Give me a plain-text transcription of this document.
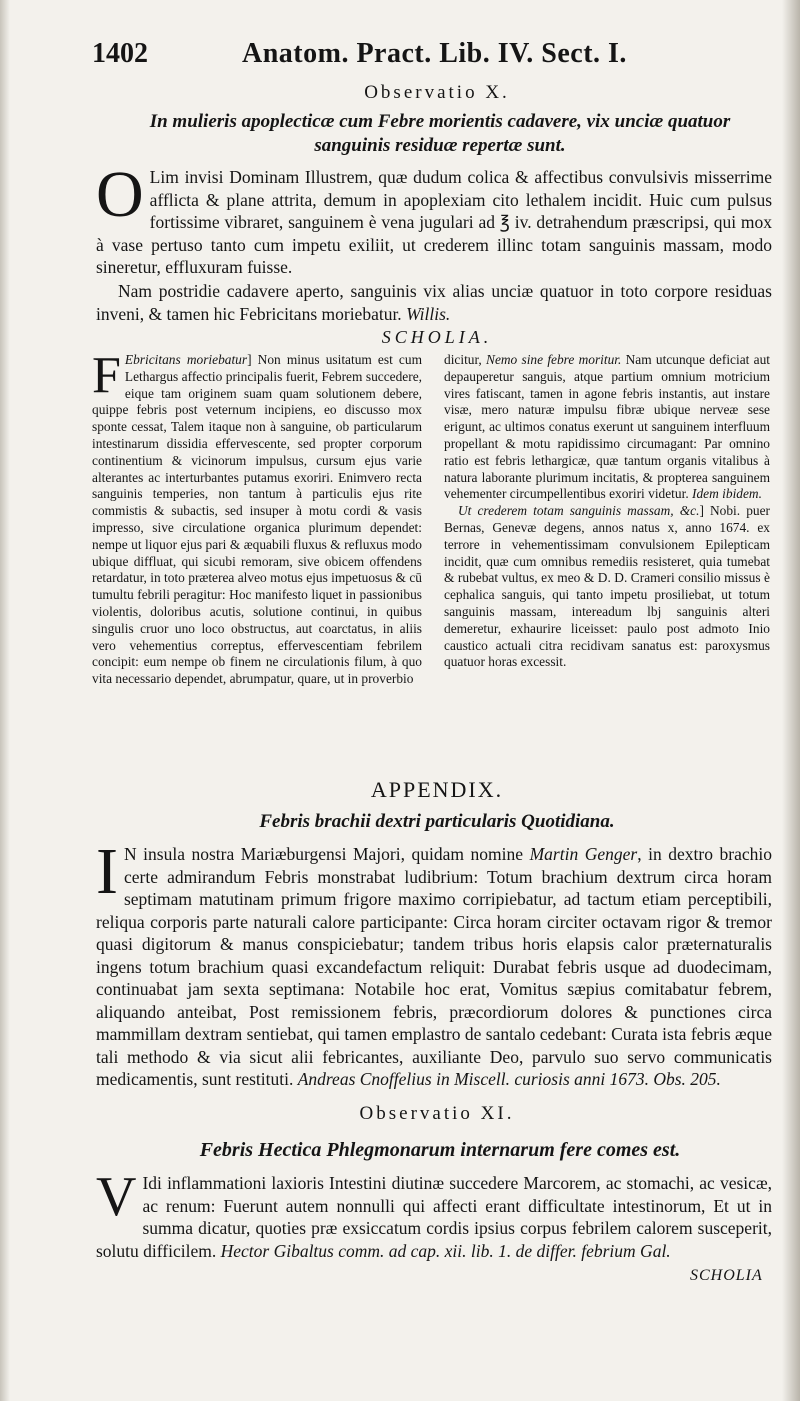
1402	Anatom. Pract. Lib. IV. Sect. I.
Observatio X.
In mulieris apoplecticæ cum Febre morientis cadavere, vix unciæ quatuor sanguinis residuæ repertæ sunt.
O Lim invisi Dominam Illustrem, quæ dudum colica & affectibus convulsivis misserrime afflicta & plane attrita, demum in apoplexiam cito lethalem incidit. Huic cum pulsus fortissime vibraret, sanguinem è vena jugulari ad ℥ iv. detrahendum præscripsi, qui mox à vase pertuso tanto cum impetu exiliit, ut crederem illinc totam sanguinis massam, modo sineretur, effluxuram fuisse.
Nam postridie cadavere aperto, sanguinis vix alias unciæ quatuor in toto corpore residuas inveni, & tamen hic Febricitans moriebatur. Willis.
SCHOLIA.

F Ebricitans moriebatur] Non minus usitatum est cum Lethargus affectio principalis fuerit, Febrem succedere, eique tam originem suam quam solutionem debere, quippe febris post veternum incipiens, eo discusso mox sponte cessat, Talem itaque non à sanguine, ob particularum intestinarum dissidia effervescente, sed propter corporum continentium & vicinorum impulsus, cursum ejus varie alterantes ac interturbantes putamus exoriri. Enimvero recta sanguinis temperies, non tantum à particulis ejus rite commistis & subactis, sed insuper à motu cordi & vasis impresso, sive circulatione organica plurimum dependet: nempe ut liquor ejus pari & æquabili fluxus & refluxus modo ubique diffluat, qui sicubi remoram, sive obicem offendens retardatur, in toto præterea alveo motus ejus impetuosus & cū tumultu febrili peragitur: Hoc manifesto liquet in passionibus violentis, doloribus acutis, solutione continui, in quibus singulis cruor uno loco obstructus, aut coarctatus, in aliis vero vehementius correptus, effervescentiam febrilem concipit: eum nempe ob finem ne circulationis filum, à quo vita necessario dependet, abrumpatur, quare, ut in proverbio

dicitur, Nemo sine febre moritur. Nam utcunque deficiat aut depauperetur sanguis, atque partium omnium motricium vires fatiscant, tamen in agone febris instantis, aut instare visæ, mero naturæ impulsu fibræ ubique nerveæ sese erigunt, ac ultimos conatus exerunt ut sanguinem interfluum propellant & motu rapidissimo circumagant: Par omnino ratio est febris lethargicæ, quæ tantum organis vitalibus à natura laborante plurimum incitatis, & propterea sanguinem vehementer circumpellentibus exoriri videtur. Idem ibidem.

Ut crederem totam sanguinis massam, &c.] Nobi. puer Bernas, Genevæ degens, annos natus x, anno 1674. ex terrore in vehementissimam convulsionem Epilepticam incidit, quæ cum omnibus remediis resisteret, quia tumebat & rubebat vultus, ex meo & D. D. Crameri consilio missus è cephalica sanguis, qui tanto impetu prosiliebat, ut totum sanguinis massam, intereadum lbj sanguinis alteri demeretur, exhaurire liceisset: paulo post admoto Inio caustico actuali citra recidivam sanatus est: paroxysmus quatuor horas excessit.

APPENDIX.
Febris brachii dextri particularis Quotidiana.
I N insula nostra Mariæburgensi Majori, quidam nomine Martin Genger, in dextro brachio certe admirandum Febris monstrabat ludibrium: Totum brachium dextrum circa horam septimam matutinam primum frigore maximo corripiebatur, ad tactum etiam perceptibili, reliqua corporis parte naturali calore participante: Circa horam circiter octavam rigor & tremor quasi digitorum & manus conspiciebatur; tandem tribus horis elapsis calor præternaturalis ingens totum brachium quasi excandefactum reliquit: Durabat febris usque ad duodecimam, continuabat jam sexta septimana: Notabile hoc erat, Vomitus sæpius comitabatur febrem, aliquando anteibat, Post remissionem febris, præcordiorum dolores & punctiones circa mammillam dextram sentiebat, qui tamen emplastro de santalo cedebant: Curata ista febris æque tali methodo & via sicut alii febricantes, auxiliante Deo, parvulo suo servo communicatis medicamentis, sunt restituti. Andreas Cnoffelius in Miscell. curiosis anni 1673. Obs. 205.
Observatio XI.
Febris Hectica Phlegmonarum internarum fere comes est.
V Idi inflammationi laxioris Intestini diutinæ succedere Marcorem, ac stomachi, ac vesicæ, ac renum: Fuerunt autem nonnulli qui affecti erant difficultate intestinorum, Et ut in summa dicatur, quoties præ exsiccatum cordis ipsius corpus febrilem calorem susceperit, solutu difficilem. Hector Gibaltus comm. ad cap. xii. lib. 1. de differ. febrium Gal.
SCHOLIA
